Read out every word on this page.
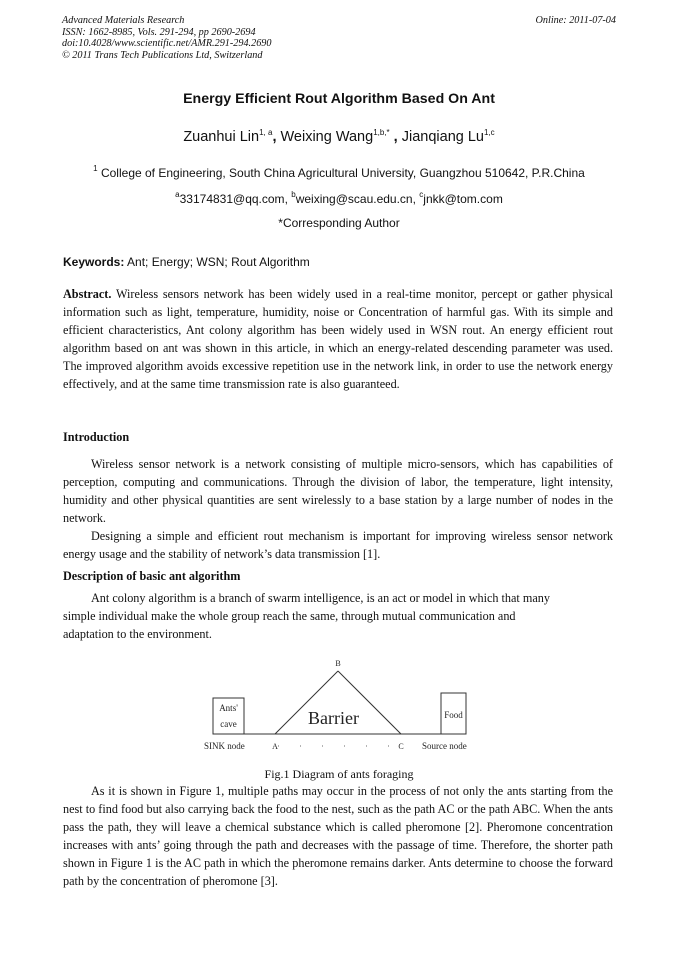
Advanced Materials Research
ISSN: 1662-8985, Vols. 291-294, pp 2690-2694
doi:10.4028/www.scientific.net/AMR.291-294.2690
© 2011 Trans Tech Publications Ltd, Switzerland
Online: 2011-07-04
Energy Efficient Rout Algorithm Based On Ant
Zuanhui Lin$^{1, a}$, Weixing Wang$^{1,b,*}$ , Jianqiang Lu$^{1,c}$
$^1$ College of Engineering, South China Agricultural University, Guangzhou 510642, P.R.China
$^a$33174831@qq.com, $^b$weixing@scau.edu.cn, $^c$jnkk@tom.com
*Corresponding Author
Keywords: Ant; Energy; WSN; Rout Algorithm
Abstract. Wireless sensors network has been widely used in a real-time monitor, percept or gather physical information such as light, temperature, humidity, noise or Concentration of harmful gas. With its simple and efficient characteristics, Ant colony algorithm has been widely used in WSN rout. An energy efficient rout algorithm based on ant was shown in this article, in which an energy-related descending parameter was used. The improved algorithm avoids excessive repetition use in the network link, in order to use the network energy effectively, and at the same time transmission rate is also guaranteed.
Introduction
Wireless sensor network is a network consisting of multiple micro-sensors, which has capabilities of perception, computing and communications. Through the division of labor, the temperature, light intensity, humidity and other physical quantities are sent wirelessly to a base station by a large number of nodes in the network.
Designing a simple and efficient rout mechanism is important for improving wireless sensor network energy usage and the stability of network’s data transmission [1].
Description of basic ant algorithm
Ant colony algorithm is a branch of swarm intelligence, is an act or model in which that many
simple individual make the whole group reach the same, through mutual communication and
adaptation to the environment.
Ants'
cave
Food
Barrier
B
A	C
SINK node	Source node
Fig.1 Diagram of ants foraging
As it is shown in Figure 1, multiple paths may occur in the process of not only the ants starting from the nest to find food but also carrying back the food to the nest, such as the path AC or the path ABC. When the ants pass the path, they will leave a chemical substance which is called pheromone [2]. Pheromone concentration increases with ants’ going through the path and decreases with the passage of time. Therefore, the shorter path shown in Figure 1 is the AC path in which the pheromone remains darker. Ants determine to choose the forward path by the concentration of pheromone [3].
